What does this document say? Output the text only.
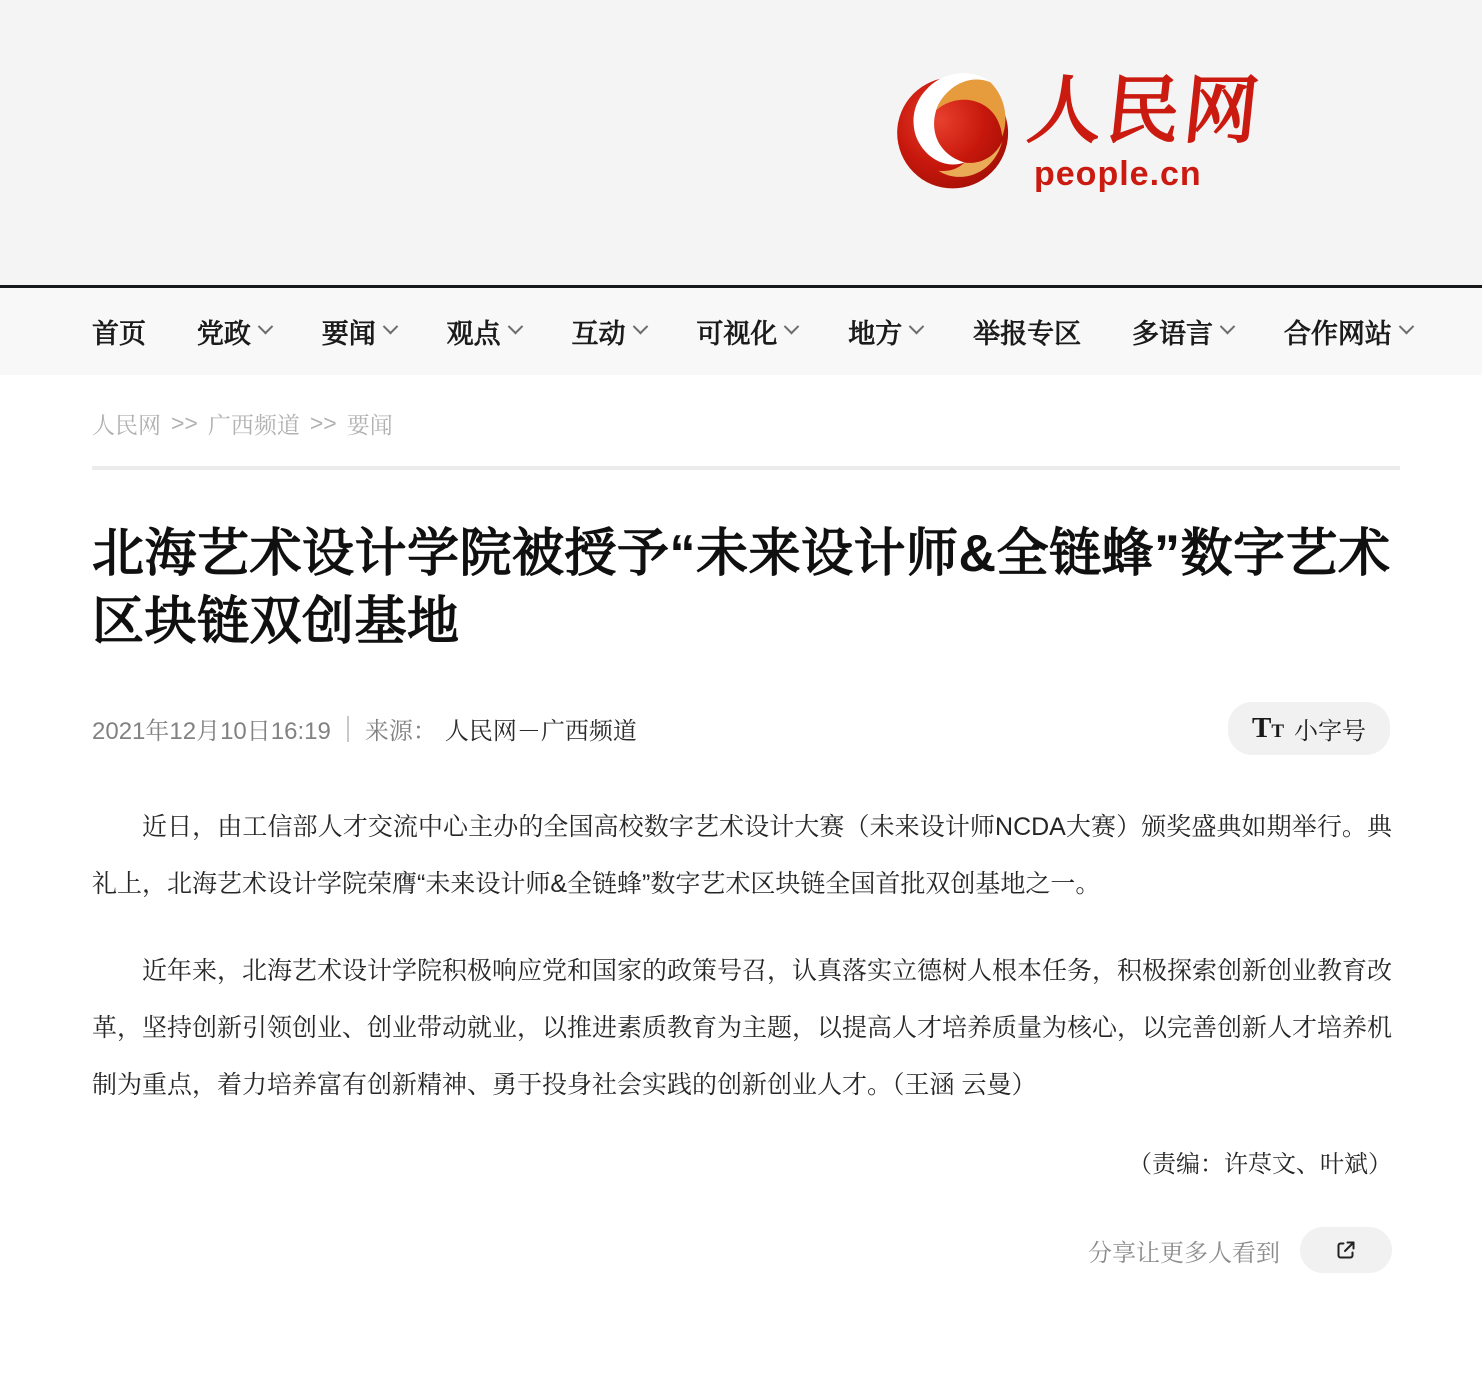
人民网
people.cn
首页 党政	要闻	观点	互动	可视化	地方	举报专区 多语言	合作网站
人民网 >> 广西频道 >> 要闻
北海艺术设计学院被授予“未来设计师&全链蜂”数字艺术区块链双创基地
2021年12月10日16:19 来源： 人民网－广西频道	TT 小字号

近日，由工信部人才交流中心主办的全国高校数字艺术设计大赛（未来设计师NCDA大赛）颁奖盛典如期举行。典礼上，北海艺术设计学院荣膺“未来设计师&全链蜂”数字艺术区块链全国首批双创基地之一。

近年来，北海艺术设计学院积极响应党和国家的政策号召，认真落实立德树人根本任务，积极探索创新创业教育改革，坚持创新引领创业、创业带动就业，以推进素质教育为主题，以提高人才培养质量为核心，以完善创新人才培养机制为重点，着力培养富有创新精神、勇于投身社会实践的创新创业人才。（王涵 云曼）

（责编：许荩文、叶斌）
分享让更多人看到
